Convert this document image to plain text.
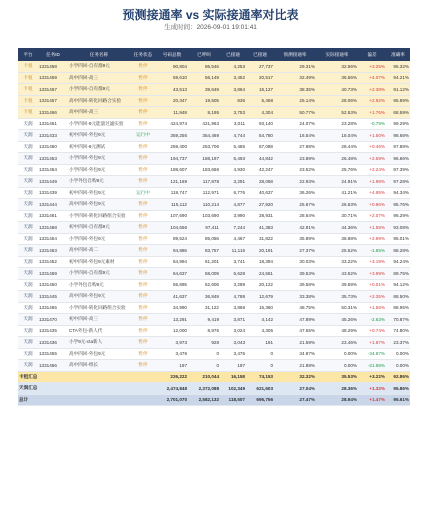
预测接通率 vs 实际接通率对比表
生成时间：2026-09-01 19:01:41
平台	任务ID	任务名称	任务状态	号码总数	已呼叫	已接通	已接通	预测接通率	实际接通率	偏差	准确率
卡租	1331458	小学四回-自有群9元	暂停	90,804	86,546	4,253	27,737	29.31%	32.56%	+3.25%	95.32%
卡租	1331459	高中四回-高三	暂停	59,610	56,149	3,452	20,517	32.49%	36.56%	+4.07%	94.21%
卡租	1331467	小学四回-自有群9元	暂停	43,513	39,649	3,864	16,127	38.35%	40.73%	+2.38%	91.12%
卡租	1331457	高中四回-转化回路合实验	暂停	20,347	19,505	836	5,468	25.14%	28.06%	+2.92%	95.89%
卡租	1331466	高中四回-高三	暂停	11,948	8,195	3,753	4,304	50.77%	52.53%	+1.76%	68.59%
天润	1331461	小学四回-9元能量过滤实验	暂停	424,974	421,963	3,011	93,140	24.07%	23.28%	-0.79%	99.29%
天润	1331433	初中四回-外包9元	运行中	359,256	354,469	4,744	54,780	16.54%	18.04%	+1.50%	98.68%
天润	1331460	初中四回-9元测试	暂停	259,400	253,706	5,485	67,088	27.98%	28.44%	+0.46%	97.88%
天润	1331453	小学四回-外包9元	暂停	194,737	188,197	6,493	44,842	23.89%	26.48%	+2.59%	96.66%
天润	1331464	小学四回-外包9元	暂停	188,607	183,666	4,930	42,247	23.52%	25.76%	+2.24%	97.39%
天润	1331449	小学外包自购9元	暂停	121,169	117,878	3,291	28,068	22.93%	24.91%	+1.98%	97.28%
天润	1331439	初中四回-外包9元	运行中	119,747	112,971	6,776	40,637	36.26%	41.21%	+4.95%	94.34%
天润	1331444	高中四回-外包9元	暂停	115,112	110,214	4,877	27,920	25.67%	26.63%	+0.96%	95.76%
天润	1331461	小学四回-转化回路组合实验	暂停	107,690	103,690	3,990	28,931	28.64%	30.71%	+2.07%	96.29%
天润	1331468	初中四回-自有群9元	暂停	104,656	97,411	7,244	41,383	42.81%	44.36%	+1.55%	93.08%
天润	1331454	小学四回-外包9元	暂停	89,524	85,056	4,467	31,822	35.89%	38.88%	+2.99%	95.01%
天润	1331463	高中四回-高二	暂停	94,886	83,757	11,116	20,191	27.37%	25.52%	-1.85%	88.28%
天润	1331452	初中四回-外包9元素材	暂停	64,994	61,201	3,741	18,394	30.03%	33.22%	+3.19%	94.24%
天润	1331469	小学四回-自有群9元	暂停	64,637	58,009	6,628	24,561	39.53%	43.52%	+3.99%	89.75%
天润	1331450	小学外包自购9元	暂停	55,895	52,606	3,289	20,122	39.58%	39.59%	+0.01%	94.12%
天润	1331445	高中四回-外包9元	暂停	41,637	36,849	4,788	12,679	33.38%	35.73%	+2.35%	88.50%
天润	1331465	小学四回-转化回路组合实验	暂停	34,990	31,122	3,868	15,360	48.75%	50.31%	+1.56%	88.95%
天润	1331470	初中四回-高三	暂停	13,291	9,419	3,871	4,142	47.89%	45.26%	-2.63%	70.87%
天润	1331435	CTA外包-新人代	暂停	12,000	8,976	3,024	4,305	47.55%	48.29%	+0.74%	74.80%
天润	1331436	小学9元-cta新人	暂停	3,973	928	3,043	191	21.59%	23.46%	+1.87%	23.37%
天润	1331455	高中四回-外包9元	暂停	3,476	0	3,476	0	34.87%	0.00%	-34.87%	0.00%
天润	1331456	高中四回-组长	暂停	197	0	197	0	21.88%	0.00%	-21.88%	0.00%
卡租汇总				226,222	210,044	16,158	74,153	32.32%	35.53%	+3.22%	92.86%
天润汇总				2,474,848	2,372,088	102,349	621,603	27.04%	28.36%	+1.32%	95.86%
总计				2,701,070	2,582,132	118,507	695,756	27.47%	28.94%	+1.47%	95.61%
